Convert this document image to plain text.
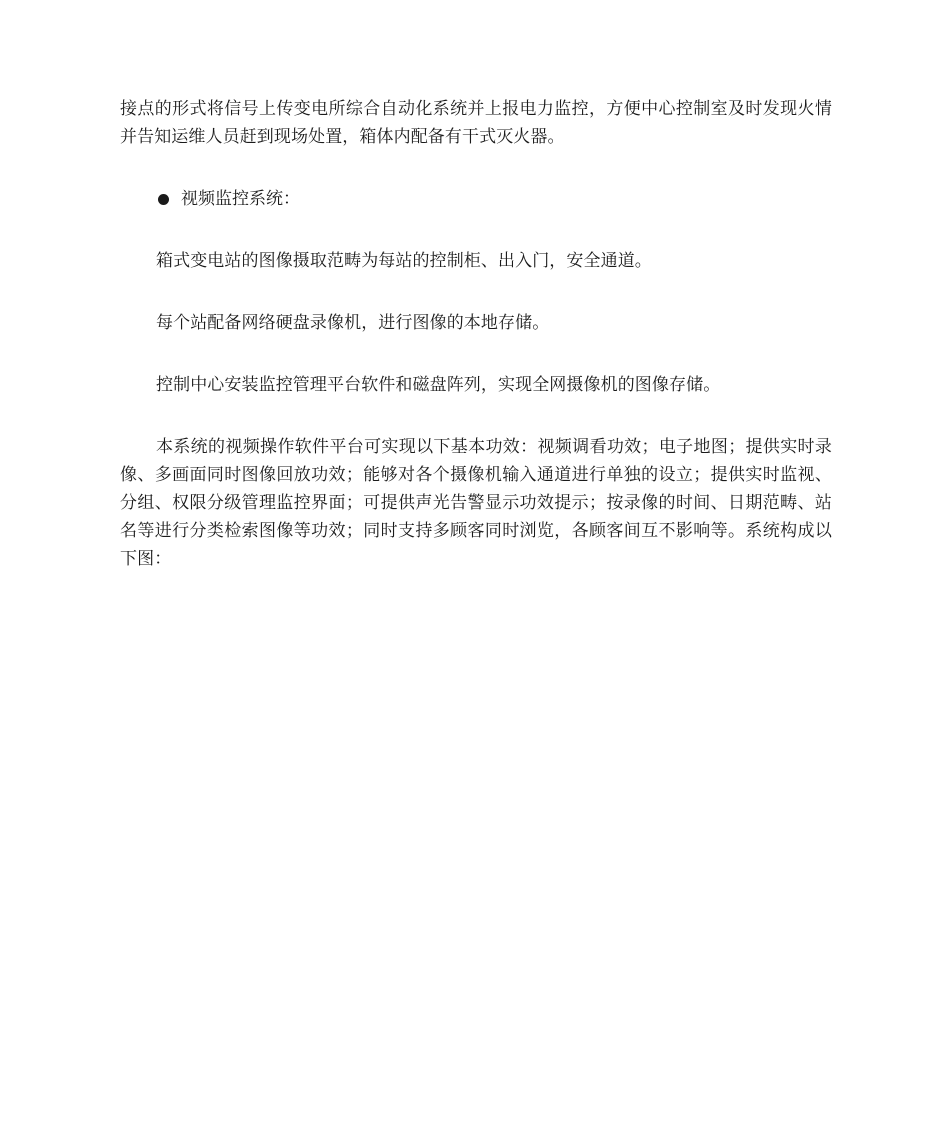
接点的形式将信号上传变电所综合自动化系统并上报电力监控，方便中心控制室及时发现火情并告知运维人员赶到现场处置，箱体内配备有干式灭火器。

视频监控系统：

箱式变电站的图像摄取范畴为每站的控制柜、出入门，安全通道。

每个站配备网络硬盘录像机，进行图像的本地存储。

控制中心安装监控管理平台软件和磁盘阵列，实现全网摄像机的图像存储。

本系统的视频操作软件平台可实现以下基本功效：视频调看功效；电子地图；提供实时录像、多画面同时图像回放功效；能够对各个摄像机输入通道进行单独的设立；提供实时监视、分组、权限分级管理监控界面；可提供声光告警显示功效提示；按录像的时间、日期范畴、站名等进行分类检索图像等功效；同时支持多顾客同时浏览，各顾客间互不影响等。系统构成以下图：
